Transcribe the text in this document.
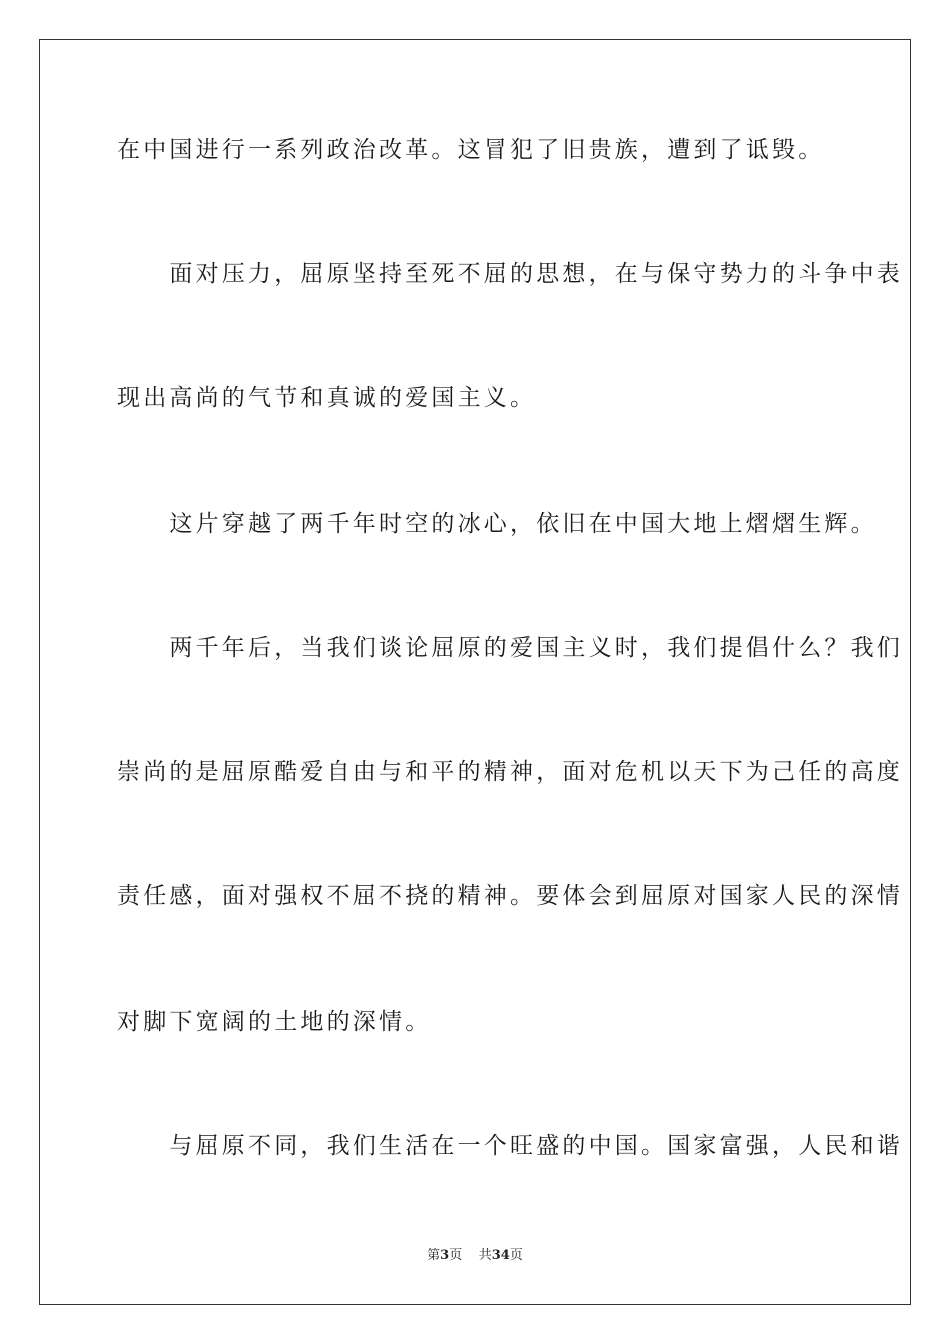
在中国进行一系列政治改革。这冒犯了旧贵族，遭到了诋毁。
　　面对压力，屈原坚持至死不屈的思想，在与保守势力的斗争中表
现出高尚的气节和真诚的爱国主义。
　　这片穿越了两千年时空的冰心，依旧在中国大地上熠熠生辉。
　　两千年后，当我们谈论屈原的爱国主义时，我们提倡什么？我们
崇尚的是屈原酷爱自由与和平的精神，面对危机以天下为己任的高度
责任感，面对强权不屈不挠的精神。要体会到屈原对国家人民的深情
对脚下宽阔的土地的深情。
　　与屈原不同，我们生活在一个旺盛的中国。国家富强，人民和谐
第3页 共34页
